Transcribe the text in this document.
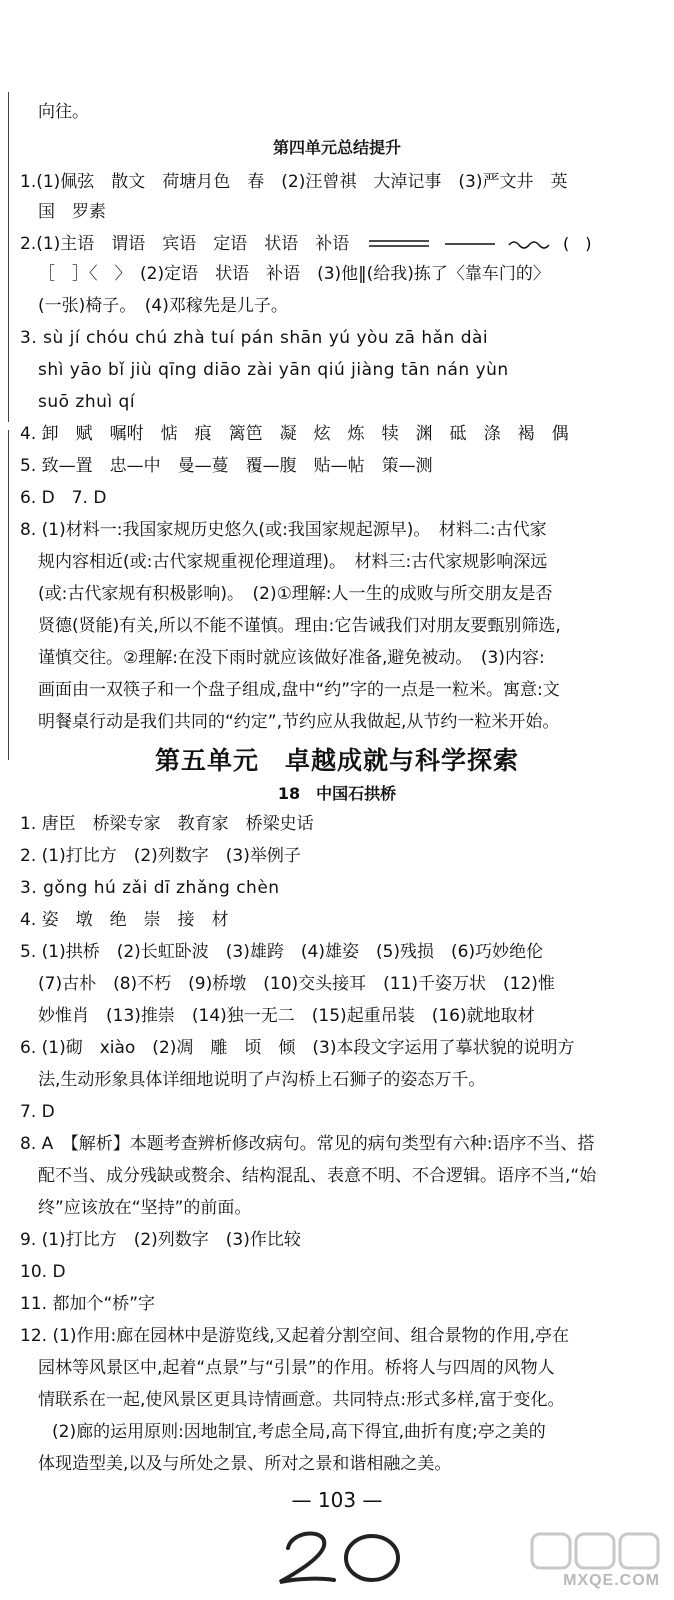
向往。
第四单元总结提升
1.(1)佩弦　散文　荷塘月色　春　(2)汪曾祺　大淖记事　(3)严文井　英
国　罗素
2.(1)主语　谓语　宾语　定语　状语　补语	(　)
［　］〈　〉　(2)定语　状语　补语　(3)他‖(给我)拣了〈靠车门的〉
(一张)椅子。　(4)邓稼先是儿子。
3. sù jí chóu chú zhà tuí pán shān yú yòu zā hǎn dài
shì yāo bǐ jiù qīng diāo zài yān qiú jiàng tān nán yùn
suō zhuì qí
4. 卸　赋　嘱咐　惦　痕　篱笆　凝　炫　炼　犊　渊　砥　涤　褐　偶
5. 致—置　忠—中　曼—蔓　覆—腹　贴—帖　策—测
6. D　7. D
8. (1)材料一:我国家规历史悠久(或:我国家规起源早)。　材料二:古代家
规内容相近(或:古代家规重视伦理道理)。　材料三:古代家规影响深远
(或:古代家规有积极影响)。　(2)①理解:人一生的成败与所交朋友是否
贤德(贤能)有关,所以不能不谨慎。理由:它告诫我们对朋友要甄别筛选,
谨慎交往。②理解:在没下雨时就应该做好准备,避免被动。　(3)内容:
画面由一双筷子和一个盘子组成,盘中“约”字的一点是一粒米。寓意:文
明餐桌行动是我们共同的“约定”,节约应从我做起,从节约一粒米开始。
第五单元　卓越成就与科学探索
18　中国石拱桥
1. 唐臣　桥梁专家　教育家　桥梁史话
2. (1)打比方　(2)列数字　(3)举例子
3. gǒng hú zǎi dī zhǎng chèn
4. 姿　墩　绝　崇　接　材
5. (1)拱桥　(2)长虹卧波　(3)雄跨　(4)雄姿　(5)残损　(6)巧妙绝伦
(7)古朴　(8)不朽　(9)桥墩　(10)交头接耳　(11)千姿万状　(12)惟
妙惟肖　(13)推崇　(14)独一无二　(15)起重吊装　(16)就地取材
6. (1)砌　xiào　(2)凋　雕　顷　倾　(3)本段文字运用了摹状貌的说明方
法,生动形象具体详细地说明了卢沟桥上石狮子的姿态万千。
7. D
8. A　【解析】本题考查辨析修改病句。常见的病句类型有六种:语序不当、搭
配不当、成分残缺或赘余、结构混乱、表意不明、不合逻辑。语序不当,“始
终”应该放在“坚持”的前面。
9. (1)打比方　(2)列数字　(3)作比较
10. D
11. 都加个“桥”字
12. (1)作用:廊在园林中是游览线,又起着分割空间、组合景物的作用,亭在
园林等风景区中,起着“点景”与“引景”的作用。桥将人与四周的风物人
情联系在一起,使风景区更具诗情画意。共同特点:形式多样,富于变化。
(2)廊的运用原则:因地制宜,考虑全局,高下得宜,曲折有度;亭之美的
体现造型美,以及与所处之景、所对之景和谐相融之美。
— 103 —
MXQE.COM
